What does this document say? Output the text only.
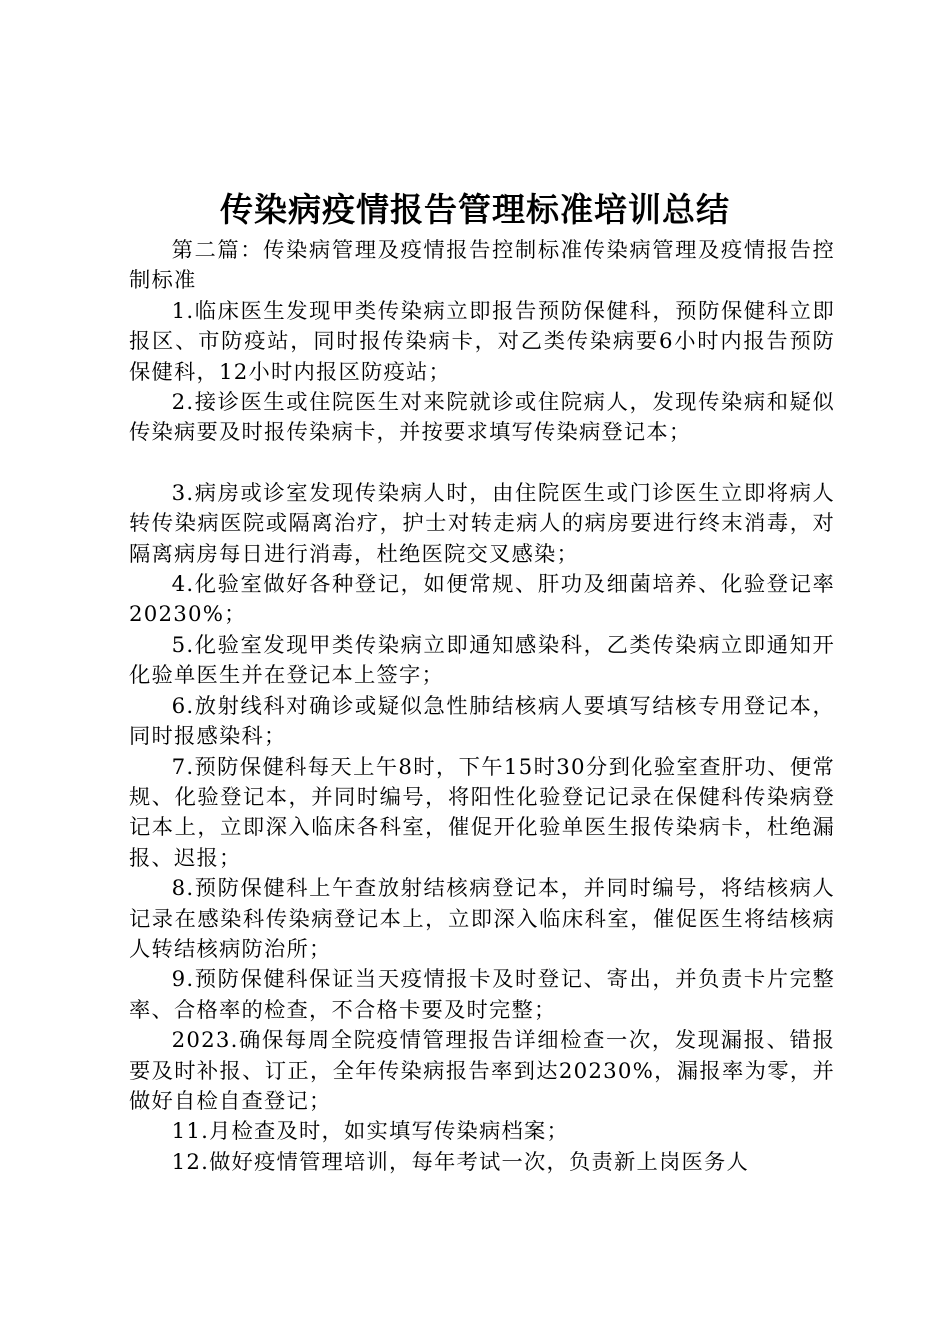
传染病疫情报告管理标准培训总结

第二篇：传染病管理及疫情报告控制标准传染病管理及疫情报告控制标准

1.临床医生发现甲类传染病立即报告预防保健科，预防保健科立即　　报区、市防疫站，同时报传染病卡，对乙类传染病要6小时内报告预防保健科，12小时内报区防疫站；

2.接诊医生或住院医生对来院就诊或住院病人，发现传染病和疑似传染病要及时报传染病卡，并按要求填写传染病登记本；

3.病房或诊室发现传染病人时，由住院医生或门诊医生立即将病人转传染病医院或隔离治疗，护士对转走病人的病房要进行终末消毒，对隔离病房每日进行消毒，杜绝医院交叉感染；

4.化验室做好各种登记，如便常规、肝功及细菌培养、化验登记率20230%；

5.化验室发现甲类传染病立即通知感染科，乙类传染病立即通知开化验单医生并在登记本上签字；

6.放射线科对确诊或疑似急性肺结核病人要填写结核专用登记本，同时报感染科；

7.预防保健科每天上午8时，下午15时30分到化验室查肝功、便常规、化验登记本，并同时编号，将阳性化验登记记录在保健科传染病登记本上，立即深入临床各科室，催促开化验单医生报传染病卡，杜绝漏报、迟报；

8.预防保健科上午查放射结核病登记本，并同时编号，将结核病人记录在感染科传染病登记本上，立即深入临床科室，催促医生将结核病人转结核病防治所；

9.预防保健科保证当天疫情报卡及时登记、寄出，并负责卡片完整率、合格率的检查，不合格卡要及时完整；

2023.确保每周全院疫情管理报告详细检查一次，发现漏报、错报要及时补报、订正，全年传染病报告率到达20230%，漏报率为零，并做好自检自查登记；

11.月检查及时，如实填写传染病档案；

12.做好疫情管理培训，每年考试一次，负责新上岗医务人
